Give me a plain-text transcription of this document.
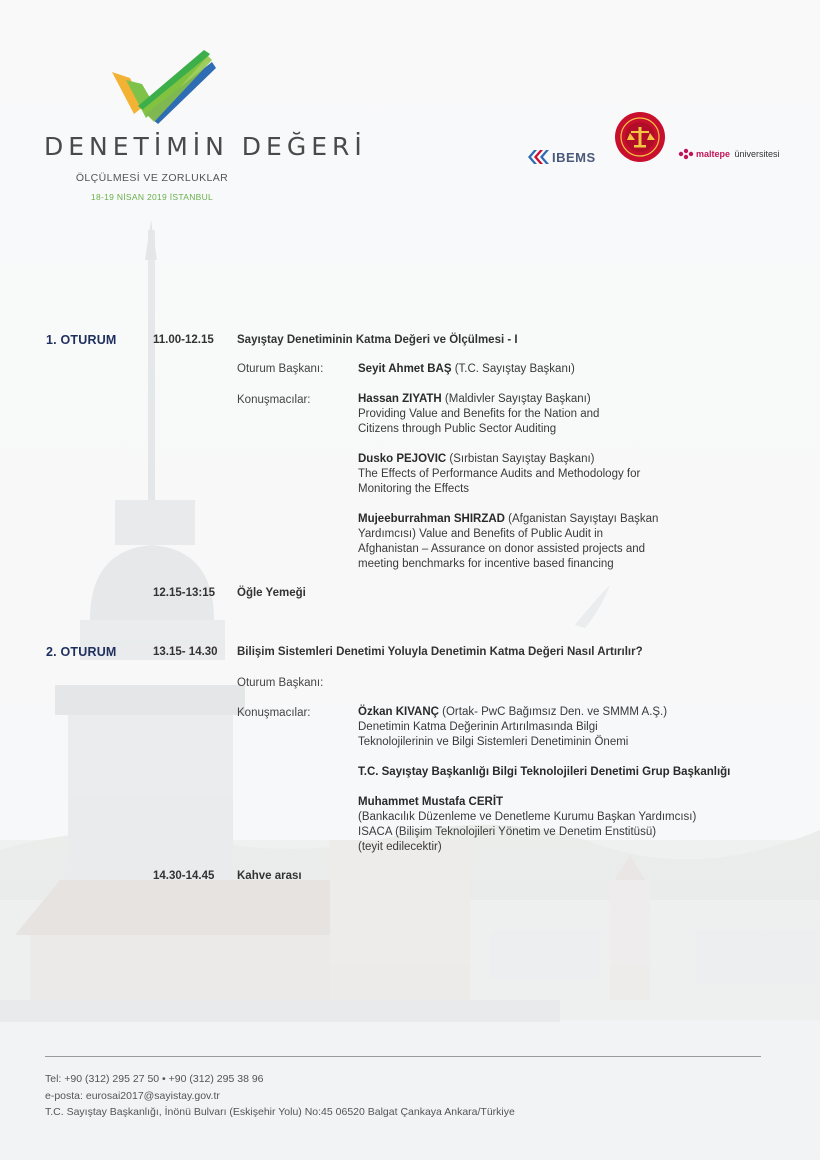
DENETİMİN DEĞERİ
ÖLÇÜLMESİ VE ZORLUKLAR
18-19 NİSAN 2019 İSTANBUL
IBEMS	maltepe üniversitesi
1. OTURUM	11.00-12.15 Sayıştay Denetiminin Katma Değeri ve Ölçülmesi - I
Oturum Başkanı:	Seyit Ahmet BAŞ (T.C. Sayıştay Başkanı)
Konuşmacılar:	Hassan ZIYATH (Maldivler Sayıştay Başkanı)
Providing Value and Benefits for the Nation and
Citizens through Public Sector Auditing
Dusko PEJOVIC (Sırbistan Sayıştay Başkanı)
The Effects of Performance Audits and Methodology for
Monitoring the Effects
Mujeeburrahman SHIRZAD (Afganistan Sayıştayı Başkan
Yardımcısı) Value and Benefits of Public Audit in
Afghanistan – Assurance on donor assisted projects and
meeting benchmarks for incentive based financing
12.15-13:15 Öğle Yemeği
2. OTURUM	13.15- 14.30 Bilişim Sistemleri Denetimi Yoluyla Denetimin Katma Değeri Nasıl Artırılır?
Oturum Başkanı:
Konuşmacılar:	Özkan KIVANÇ (Ortak- PwC Bağımsız Den. ve SMMM A.Ş.)
Denetimin Katma Değerinin Artırılmasında Bilgi
Teknolojilerinin ve Bilgi Sistemleri Denetiminin Önemi
T.C. Sayıştay Başkanlığı Bilgi Teknolojileri Denetimi Grup Başkanlığı
Muhammet Mustafa CERİT
(Bankacılık Düzenleme ve Denetleme Kurumu Başkan Yardımcısı)
ISACA (Bilişim Teknolojileri Yönetim ve Denetim Enstitüsü)
(teyit edilecektir)
14.30-14.45 Kahve arası
Tel: +90 (312) 295 27 50 • +90 (312) 295 38 96
e-posta: eurosai2017@sayistay.gov.tr
T.C. Sayıştay Başkanlığı, İnönü Bulvarı (Eskişehir Yolu) No:45 06520 Balgat Çankaya Ankara/Türkiye
